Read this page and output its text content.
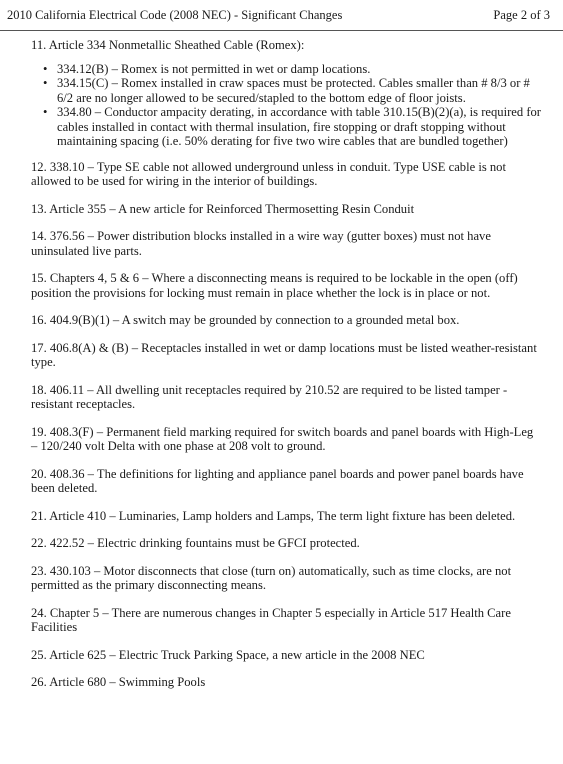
2010 California Electrical Code (2008 NEC) - Significant Changes	Page 2 of 3
11. Article 334 Nonmetallic Sheathed Cable (Romex):
• 334.12(B) – Romex is not permitted in wet or damp locations.
• 334.15(C) – Romex installed in craw spaces must be protected. Cables smaller than # 8/3 or # 6/2 are no longer allowed to be secured/stapled to the bottom edge of floor joists.
• 334.80 – Conductor ampacity derating, in accordance with table 310.15(B)(2)(a), is required for cables installed in contact with thermal insulation, fire stopping or draft stopping without maintaining spacing (i.e. 50% derating for five two wire cables that are bundled together)
12. 338.10 – Type SE cable not allowed underground unless in conduit. Type USE cable is not allowed to be used for wiring in the interior of buildings.
13. Article 355 – A new article for Reinforced Thermosetting Resin Conduit
14. 376.56 – Power distribution blocks installed in a wire way (gutter boxes) must not have uninsulated live parts.
15. Chapters 4, 5 & 6 – Where a disconnecting means is required to be lockable in the open (off) position the provisions for locking must remain in place whether the lock is in place or not.
16. 404.9(B)(1) – A switch may be grounded by connection to a grounded metal box.
17. 406.8(A) & (B) – Receptacles installed in wet or damp locations must be listed weather-resistant type.
18. 406.11 – All dwelling unit receptacles required by 210.52 are required to be listed tamper -resistant receptacles.
19. 408.3(F) – Permanent field marking required for switch boards and panel boards with High-Leg – 120/240 volt Delta with one phase at 208 volt to ground.
20. 408.36 – The definitions for lighting and appliance panel boards and power panel boards have been deleted.
21. Article 410 – Luminaries, Lamp holders and Lamps, The term light fixture has been deleted.
22. 422.52 – Electric drinking fountains must be GFCI protected.
23. 430.103 – Motor disconnects that close (turn on) automatically, such as time clocks, are not permitted as the primary disconnecting means.
24. Chapter 5 – There are numerous changes in Chapter 5 especially in Article 517 Health Care Facilities
25. Article 625 – Electric Truck Parking Space, a new article in the 2008 NEC
26. Article 680 – Swimming Pools
